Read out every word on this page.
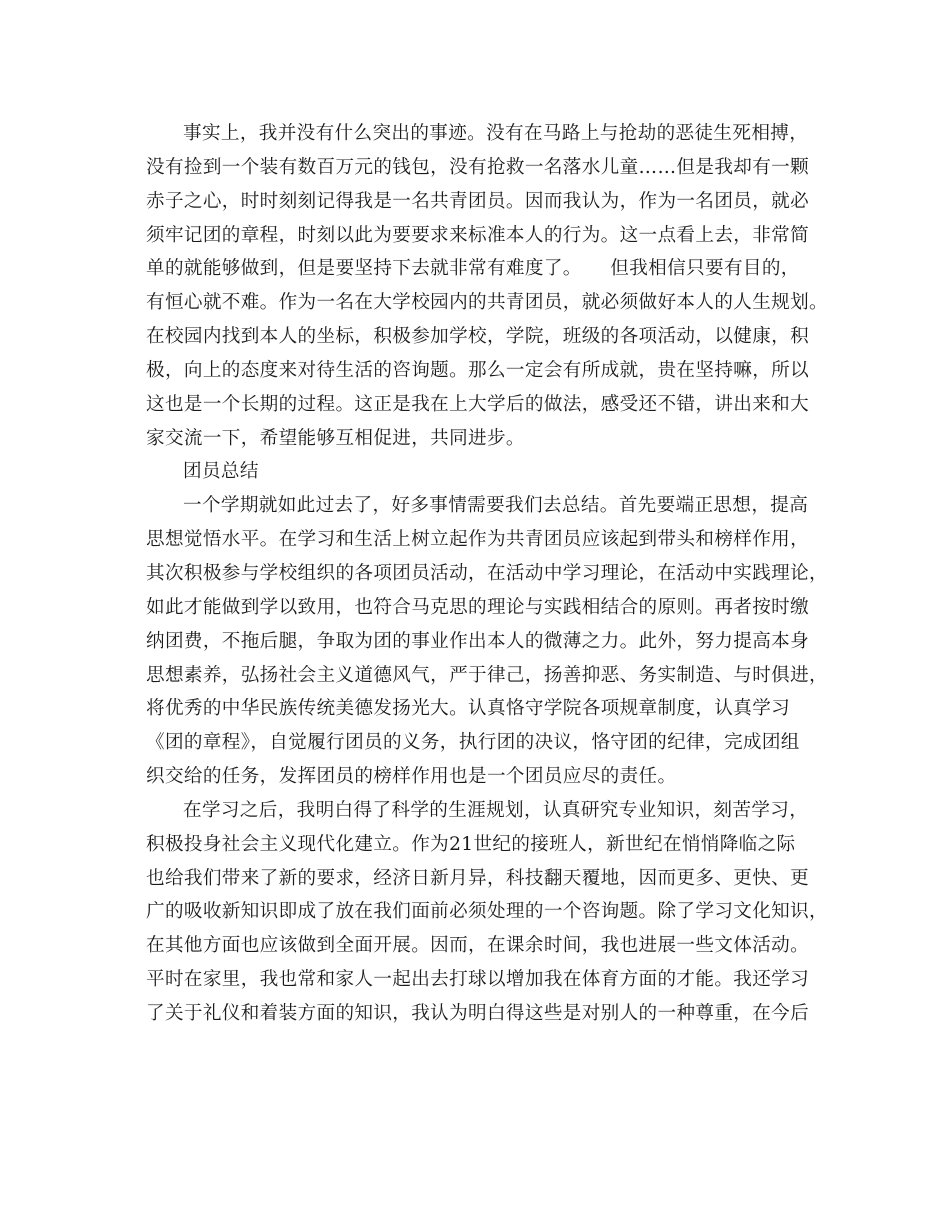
事实上，我并没有什么突出的事迹。没有在马路上与抢劫的恶徒生死相搏，
没有捡到一个装有数百万元的钱包，没有抢救一名落水儿童……但是我却有一颗
赤子之心，时时刻刻记得我是一名共青团员。因而我认为，作为一名团员，就必
须牢记团的章程，时刻以此为要要求来标准本人的行为。这一点看上去，非常简
单的就能够做到，但是要坚持下去就非常有难度了。　　但我相信只要有目的，
有恒心就不难。作为一名在大学校园内的共青团员，就必须做好本人的人生规划。
在校园内找到本人的坐标，积极参加学校，学院，班级的各项活动，以健康，积
极，向上的态度来对待生活的咨询题。那么一定会有所成就，贵在坚持嘛，所以
这也是一个长期的过程。这正是我在上大学后的做法，感受还不错，讲出来和大
家交流一下，希望能够互相促进，共同进步。
团员总结
一个学期就如此过去了，好多事情需要我们去总结。首先要端正思想，提高
思想觉悟水平。在学习和生活上树立起作为共青团员应该起到带头和榜样作用，
其次积极参与学校组织的各项团员活动，在活动中学习理论，在活动中实践理论，
如此才能做到学以致用，也符合马克思的理论与实践相结合的原则。再者按时缴
纳团费，不拖后腿，争取为团的事业作出本人的微薄之力。此外，努力提高本身
思想素养，弘扬社会主义道德风气，严于律己，扬善抑恶、务实制造、与时俱进，
将优秀的中华民族传统美德发扬光大。认真恪守学院各项规章制度，认真学习
《团的章程》，自觉履行团员的义务，执行团的决议，恪守团的纪律，完成团组
织交给的任务，发挥团员的榜样作用也是一个团员应尽的责任。
在学习之后，我明白得了科学的生涯规划，认真研究专业知识，刻苦学习，
积极投身社会主义现代化建立。作为21世纪的接班人，新世纪在悄悄降临之际
也给我们带来了新的要求，经济日新月异，科技翻天覆地，因而更多、更快、更
广的吸收新知识即成了放在我们面前必须处理的一个咨询题。除了学习文化知识，
在其他方面也应该做到全面开展。因而，在课余时间，我也进展一些文体活动。
平时在家里，我也常和家人一起出去打球以增加我在体育方面的才能。我还学习
了关于礼仪和着装方面的知识，我认为明白得这些是对别人的一种尊重，在今后
